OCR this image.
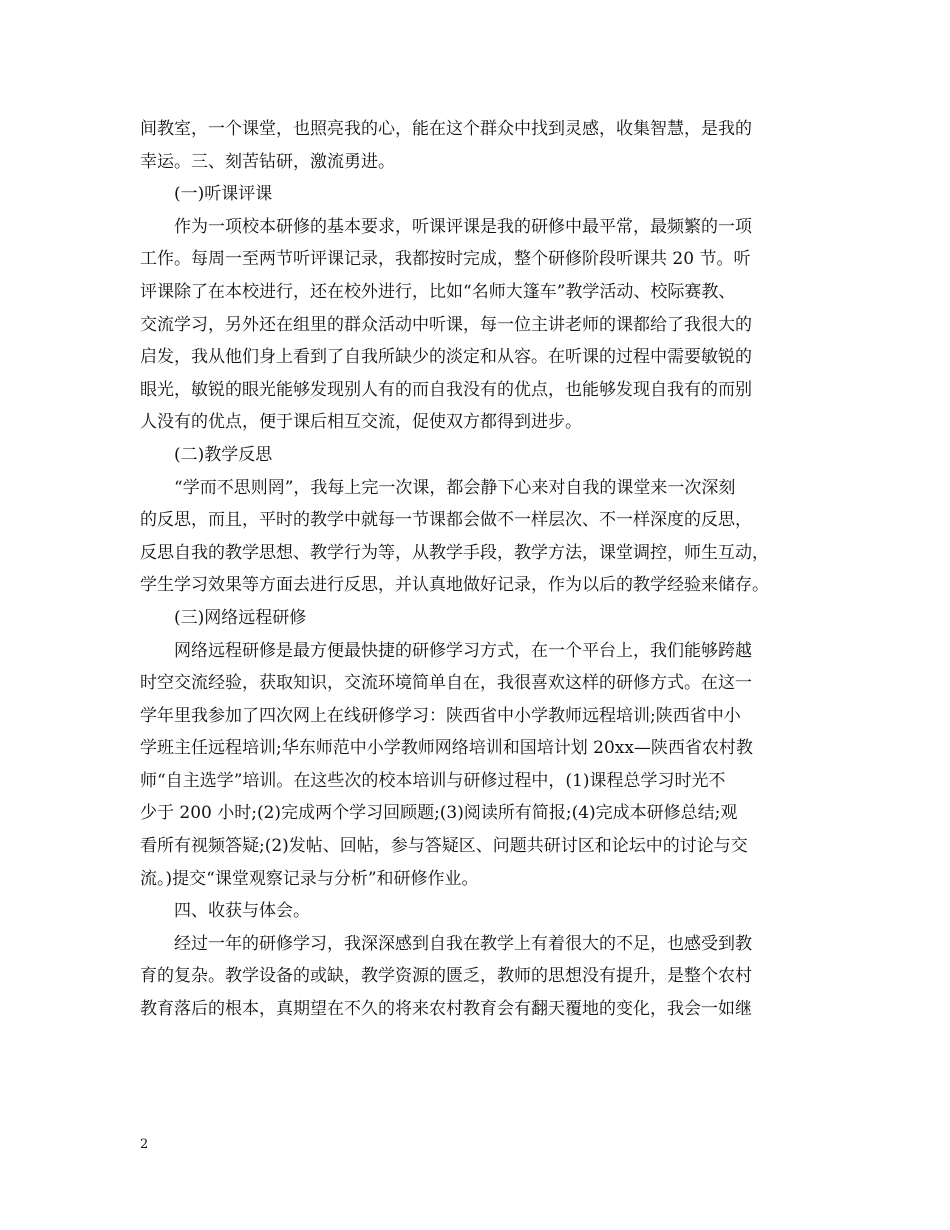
间教室，一个课堂，也照亮我的心，能在这个群众中找到灵感，收集智慧，是我的
幸运。三、刻苦钻研，激流勇进。
(一)听课评课
作为一项校本研修的基本要求，听课评课是我的研修中最平常，最频繁的一项
工作。每周一至两节听评课记录，我都按时完成，整个研修阶段听课共 20 节。听
评课除了在本校进行，还在校外进行，比如“名师大篷车”教学活动、校际赛教、
交流学习，另外还在组里的群众活动中听课，每一位主讲老师的课都给了我很大的
启发，我从他们身上看到了自我所缺少的淡定和从容。在听课的过程中需要敏锐的
眼光，敏锐的眼光能够发现别人有的而自我没有的优点，也能够发现自我有的而别
人没有的优点，便于课后相互交流，促使双方都得到进步。
(二)教学反思
“学而不思则罔”，我每上完一次课，都会静下心来对自我的课堂来一次深刻
的反思，而且，平时的教学中就每一节课都会做不一样层次、不一样深度的反思，
反思自我的教学思想、教学行为等，从教学手段，教学方法，课堂调控，师生互动，
学生学习效果等方面去进行反思，并认真地做好记录，作为以后的教学经验来储存。
(三)网络远程研修
网络远程研修是最方便最快捷的研修学习方式，在一个平台上，我们能够跨越
时空交流经验，获取知识，交流环境简单自在，我很喜欢这样的研修方式。在这一
学年里我参加了四次网上在线研修学习：陕西省中小学教师远程培训;陕西省中小
学班主任远程培训;华东师范中小学教师网络培训和国培计划 20xx—陕西省农村教
师“自主选学”培训。在这些次的校本培训与研修过程中，(1)课程总学习时光不
少于 200 小时;(2)完成两个学习回顾题;(3)阅读所有简报;(4)完成本研修总结;观
看所有视频答疑;(2)发帖、回帖，参与答疑区、问题共研讨区和论坛中的讨论与交
流。)提交“课堂观察记录与分析”和研修作业。
四、收获与体会。
经过一年的研修学习，我深深感到自我在教学上有着很大的不足，也感受到教
育的复杂。教学设备的或缺，教学资源的匮乏，教师的思想没有提升，是整个农村
教育落后的根本，真期望在不久的将来农村教育会有翻天覆地的变化，我会一如继
2
